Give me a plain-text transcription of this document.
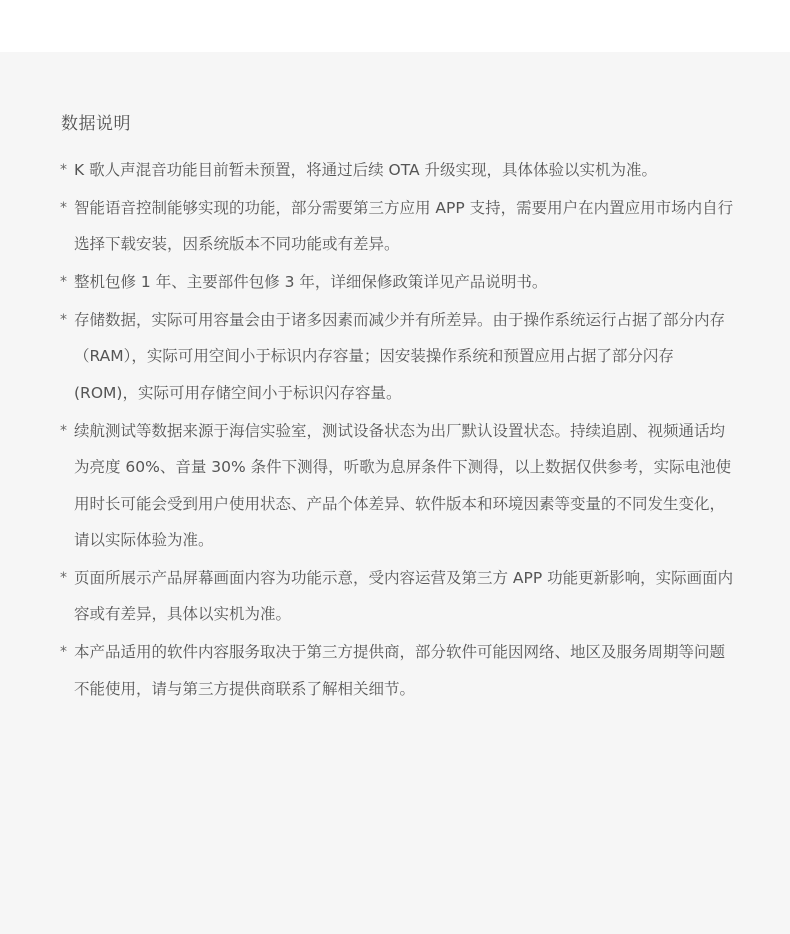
数据说明
* K 歌人声混音功能目前暂未预置，将通过后续 OTA 升级实现，具体体验以实机为准。
* 智能语音控制能够实现的功能，部分需要第三方应用 APP 支持，需要用户在内置应用市场内自行选择下载安装，因系统版本不同功能或有差异。
* 整机包修 1 年、主要部件包修 3 年，详细保修政策详见产品说明书。
* 存储数据，实际可用容量会由于诸多因素而减少并有所差异。由于操作系统运行占据了部分内存（RAM），实际可用空间小于标识内存容量；因安装操作系统和预置应用占据了部分闪存 (ROM)，实际可用存储空间小于标识闪存容量。
* 续航测试等数据来源于海信实验室，测试设备状态为出厂默认设置状态。持续追剧、视频通话均为亮度 60%、音量 30% 条件下测得，听歌为息屏条件下测得，以上数据仅供参考，实际电池使用时长可能会受到用户使用状态、产品个体差异、软件版本和环境因素等变量的不同发生变化，请以实际体验为准。
* 页面所展示产品屏幕画面内容为功能示意，受内容运营及第三方 APP 功能更新影响，实际画面内容或有差异，具体以实机为准。
* 本产品适用的软件内容服务取决于第三方提供商，部分软件可能因网络、地区及服务周期等问题不能使用，请与第三方提供商联系了解相关细节。
